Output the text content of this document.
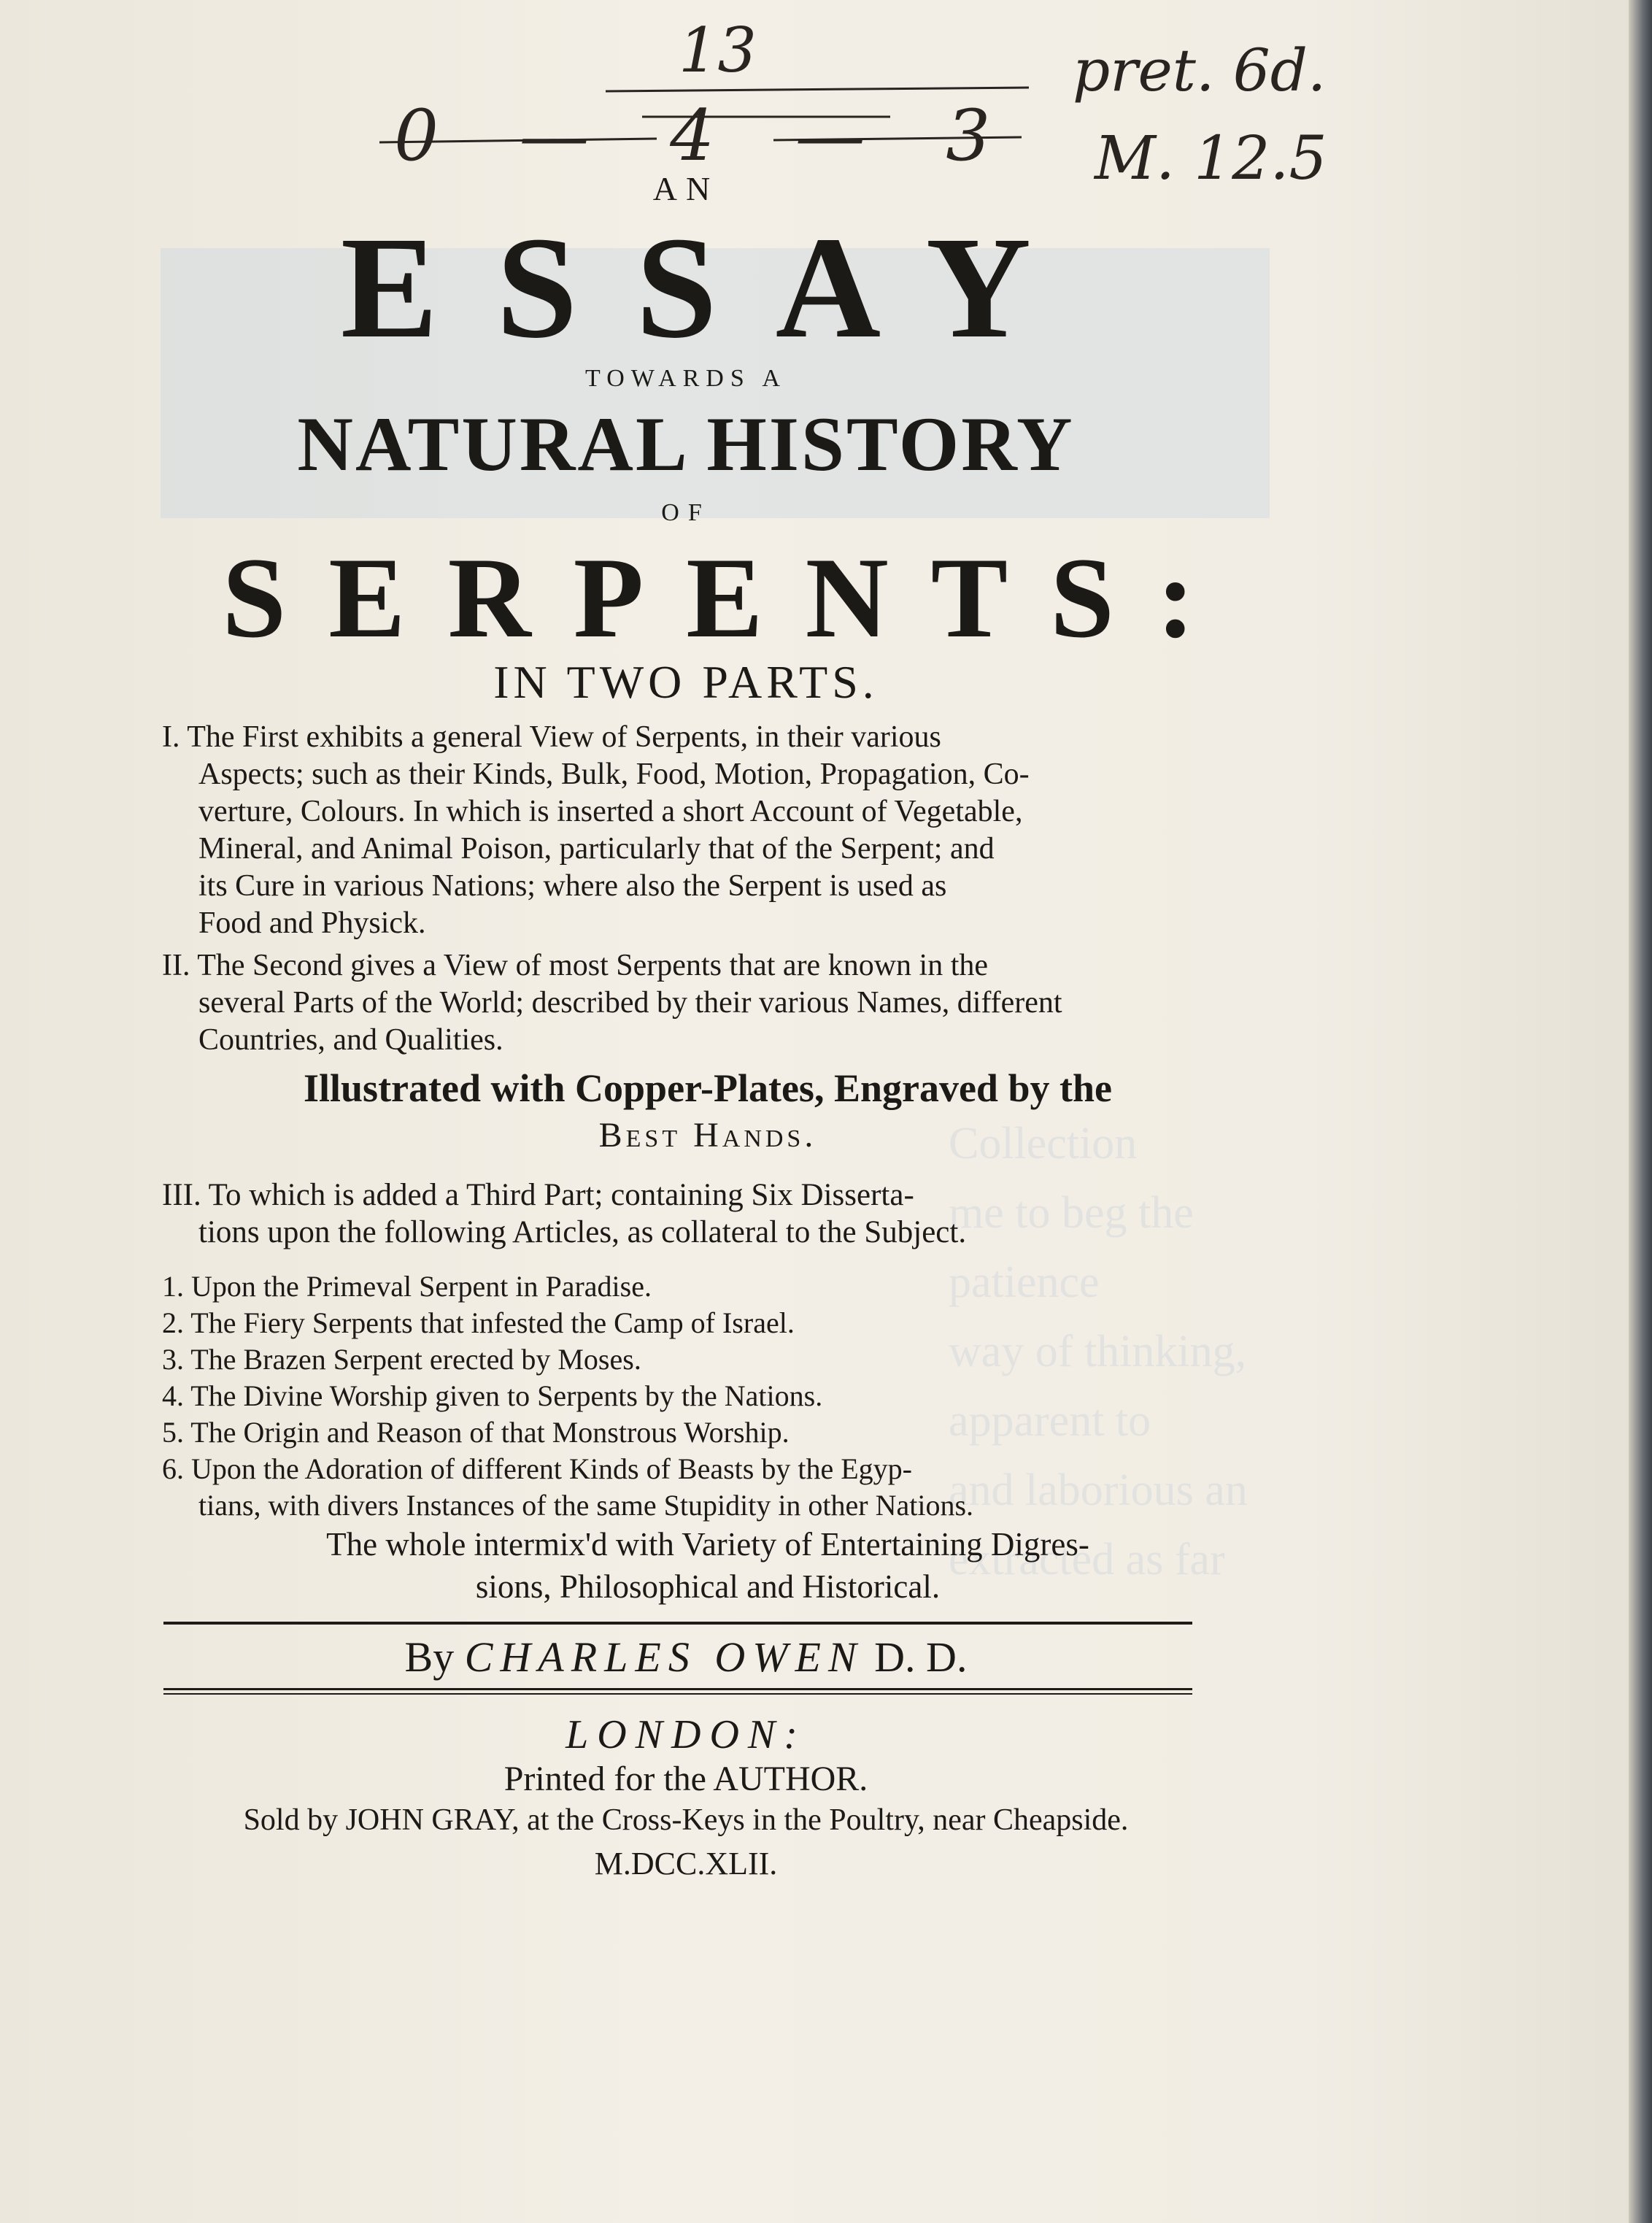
Collection
me to beg the
patience
way of thinking,
apparent to
and laborious an
extracted as far
13
0 — 4 — 3
pret. 6d.
M. 12.5
AN
ESSAY
TOWARDS A
NATURAL HISTORY
OF
SERPENTS:
IN TWO PARTS.
I. The First exhibits a general View of Serpents, in their various
Aspects; such as their Kinds, Bulk, Food, Motion, Propagation, Co-
verture, Colours. In which is inserted a short Account of Vegetable,
Mineral, and Animal Poison, particularly that of the Serpent; and
its Cure in various Nations; where also the Serpent is used as
Food and Physick.
II. The Second gives a View of most Serpents that are known in the
several Parts of the World; described by their various Names, different
Countries, and Qualities.
Illustrated with Copper-Plates, Engraved by the
Best Hands.
III. To which is added a Third Part; containing Six Disserta-
tions upon the following Articles, as collateral to the Subject.
1. Upon the Primeval Serpent in Paradise.
2. The Fiery Serpents that infested the Camp of Israel.
3. The Brazen Serpent erected by Moses.
4. The Divine Worship given to Serpents by the Nations.
5. The Origin and Reason of that Monstrous Worship.
6. Upon the Adoration of different Kinds of Beasts by the Egyp-
tians, with divers Instances of the same Stupidity in other Nations.
The whole intermix'd with Variety of Entertaining Digres-
sions, Philosophical and Historical.
By CHARLES OWEN D. D.
LONDON:
Printed for the AUTHOR.
Sold by JOHN GRAY, at the Cross-Keys in the Poultry, near Cheapside.
M.DCC.XLII.
